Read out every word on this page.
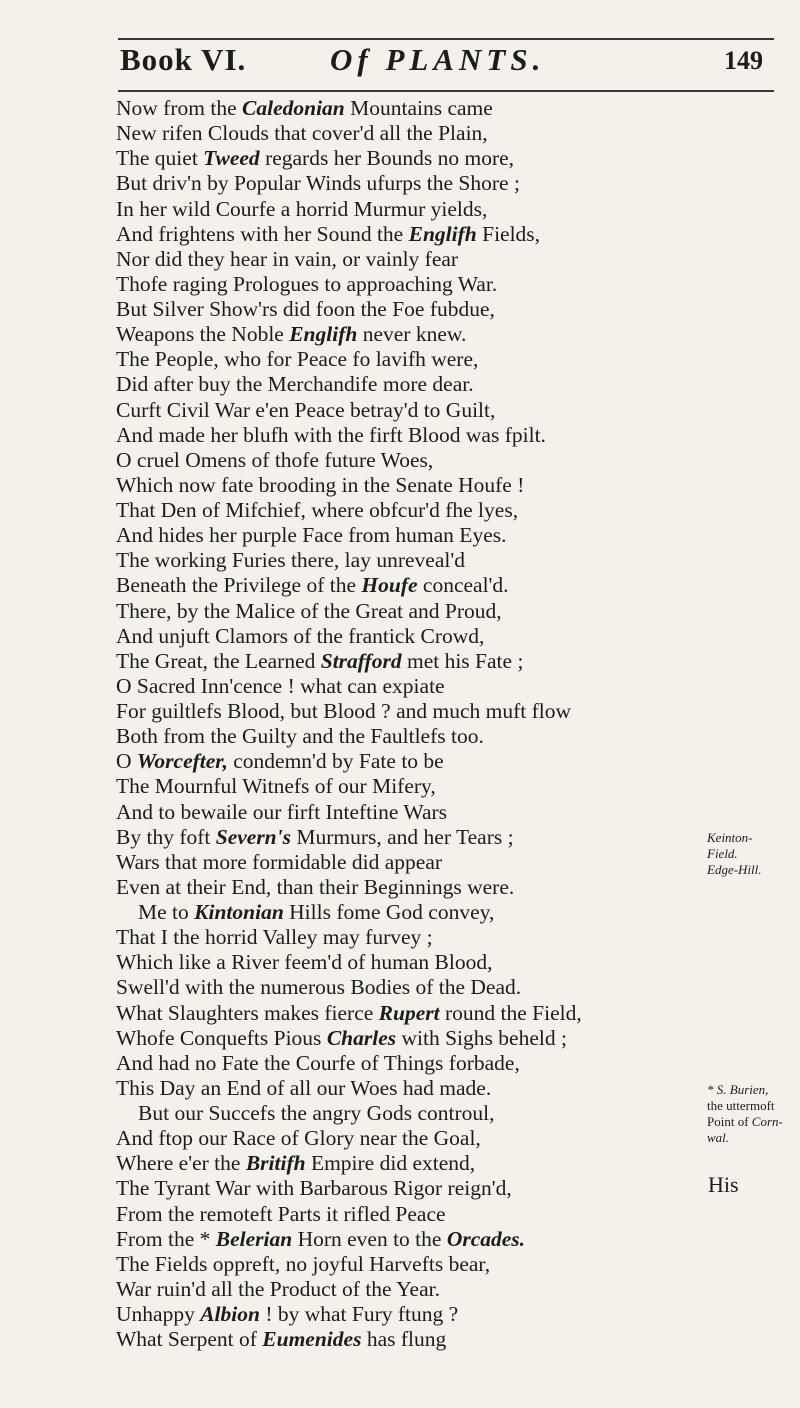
Book VI.	Of PLANTS.	149
Now from the Caledonian Mountains came
New rifen Clouds that cover'd all the Plain,
The quiet Tweed regards her Bounds no more,
But driv'n by Popular Winds ufurps the Shore ;
In her wild Courfe a horrid Murmur yields,
And frightens with her Sound the Englifh Fields,
Nor did they hear in vain, or vainly fear
Thofe raging Prologues to approaching War.
But Silver Show'rs did foon the Foe fubdue,
Weapons the Noble Englifh never knew.
The People, who for Peace fo lavifh were,
Did after buy the Merchandife more dear.
Curft Civil War e'en Peace betray'd to Guilt,
And made her blufh with the firft Blood was fpilt.
O cruel Omens of thofe future Woes,
Which now fate brooding in the Senate Houfe !
That Den of Mifchief, where obfcur'd fhe lyes,
And hides her purple Face from human Eyes.
The working Furies there, lay unreveal'd
Beneath the Privilege of the Houfe conceal'd.
There, by the Malice of the Great and Proud,
And unjuft Clamors of the frantick Crowd,
The Great, the Learned Strafford met his Fate ;
O Sacred Inn'cence ! what can expiate
For guiltlefs Blood, but Blood ? and much muft flow
Both from the Guilty and the Faultlefs too.
O Worcefter, condemn'd by Fate to be
The Mournful Witnefs of our Mifery,
And to bewaile our firft Inteftine Wars
By thy foft Severn's Murmurs, and her Tears ;
Wars that more formidable did appear
Even at their End, than their Beginnings were.
Me to Kintonian Hills fome God convey,
That I the horrid Valley may furvey ;
Which like a River feem'd of human Blood,
Swell'd with the numerous Bodies of the Dead.
What Slaughters makes fierce Rupert round the Field,
Whofe Conquefts Pious Charles with Sighs beheld ;
And had no Fate the Courfe of Things forbade,
This Day an End of all our Woes had made.
But our Succefs the angry Gods controul,
And ftop our Race of Glory near the Goal,
Where e'er the Britifh Empire did extend,
The Tyrant War with Barbarous Rigor reign'd,
From the remoteft Parts it rifled Peace
From the * Belerian Horn even to the Orcades.
The Fields oppreft, no joyful Harvefts bear,
War ruin'd all the Product of the Year.
Unhappy Albion ! by what Fury ftung ?
What Serpent of Eumenides has flung
Keinton-
Field.
Edge-Hill.
* S. Burien,
the uttermoft
Point of Corn-
wal.
His
